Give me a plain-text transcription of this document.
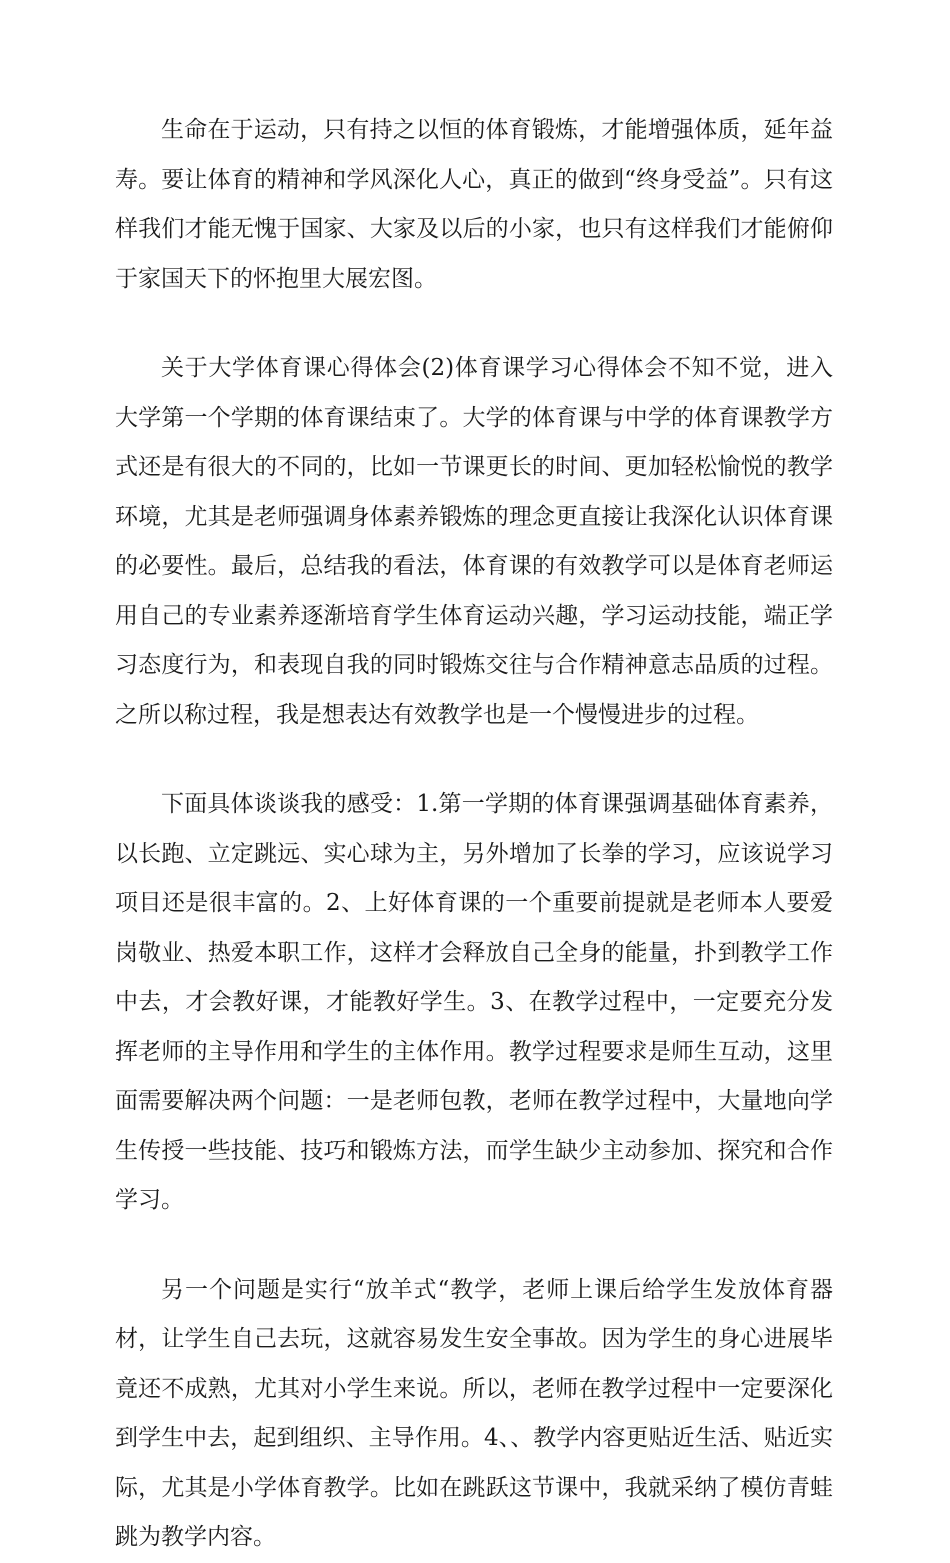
生命在于运动，只有持之以恒的体育锻炼，才能增强体质，延年益寿。要让体育的精神和学风深化人心，真正的做到“终身受益”。只有这样我们才能无愧于国家、大家及以后的小家，也只有这样我们才能俯仰于家国天下的怀抱里大展宏图。

关于大学体育课心得体会(2)体育课学习心得体会不知不觉，进入大学第一个学期的体育课结束了。大学的体育课与中学的体育课教学方式还是有很大的不同的，比如一节课更长的时间、更加轻松愉悦的教学环境，尤其是老师强调身体素养锻炼的理念更直接让我深化认识体育课的必要性。最后，总结我的看法，体育课的有效教学可以是体育老师运用自己的专业素养逐渐培育学生体育运动兴趣，学习运动技能，端正学习态度行为，和表现自我的同时锻炼交往与合作精神意志品质的过程。之所以称过程，我是想表达有效教学也是一个慢慢进步的过程。

下面具体谈谈我的感受：1.第一学期的体育课强调基础体育素养，以长跑、立定跳远、实心球为主，另外增加了长拳的学习，应该说学习项目还是很丰富的。2、上好体育课的一个重要前提就是老师本人要爱岗敬业、热爱本职工作，这样才会释放自己全身的能量，扑到教学工作中去，才会教好课，才能教好学生。3、在教学过程中，一定要充分发挥老师的主导作用和学生的主体作用。教学过程要求是师生互动，这里面需要解决两个问题：一是老师包教，老师在教学过程中，大量地向学生传授一些技能、技巧和锻炼方法，而学生缺少主动参加、探究和合作学习。

另一个问题是实行“放羊式“教学，老师上课后给学生发放体育器材，让学生自己去玩，这就容易发生安全事故。因为学生的身心进展毕竟还不成熟，尤其对小学生来说。所以，老师在教学过程中一定要深化到学生中去，起到组织、主导作用。4、、教学内容更贴近生活、贴近实际，尤其是小学体育教学。比如在跳跃这节课中，我就采纳了模仿青蛙跳为教学内容。
